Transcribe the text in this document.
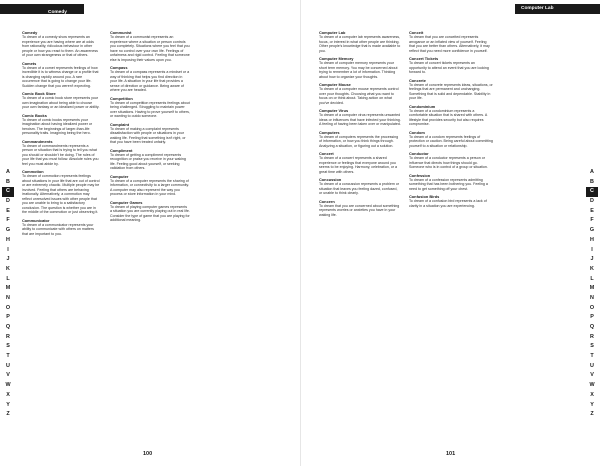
Comedy
Comedy
To dream of a comedy show represents an experience you are having where are at odds from rationality, ridiculous behaviour in other people or how you react to them. An awareness of your own strangeness or that of others.
Comets
To dream of a comet represents feelings of how incredible it is to witness change or a profile that is changing rapidly around you. A rare occurrence that is going to change your life. Sudden change that you weren't expecting.
Comic Book Store
To dream of a comic book store represents your own imagination about being able to choose your own fantasy or an idealized power or ability.
Comic Books
To dream of comic books represents your imagination about having idealized power or heroism. The beginnings of larger-than-life personality traits. Imagining being the hero.
Commandments
To dream of commandments represents a person or situation that is trying to tell you what you should or shouldn't be doing. The rules of your life that you must follow. Absolute rules you feel you must abide by.
Commotion
To dream of commotion represents feelings about situations in your life that are out of control or are extremely chaotic. Multiple people may be involved. Feeling that others are behaving irrationally. Alternatively, a commotion may reflect unresolved issues with other people that you are unable to bring to a satisfactory conclusion. The question is whether you are in the middle of the commotion or just observing it.
Communicator
To dream of a communicator represents your ability to communicate with others on matters that are important to you.
Communist
To dream of a communist represents an experience where a situation or person controls you completely. Situations where you feel that you have no control over your own life. Feelings of unfairness and rigid control. Feeling that someone else is imposing their values upon you.
Compass
To dream of a compass represents a mindset or a way of thinking that helps you find direction in your life. A situation in your life that provides a sense of direction or guidance. Being aware of where you are headed.
Competition
To dream of competition represents feelings about being challenged. Struggling to maintain power over situations. Having to prove yourself to others, or wanting to outdo someone.
Complaint
To dream of making a complaint represents dissatisfaction with people or situations in your waking life. Feeling that something isn't right, or that you have been treated unfairly.
Compliment
To dream of getting a compliment represents recognition or praise you receive in your waking life. Feeling good about yourself, or seeking validation from others.
Computer
To dream of a computer represents the sharing of information, or connectivity to a larger community. A computer may also represent the way you process or store information in your mind.
Computer Games
To dream of playing computer games represents a situation you are currently playing out in real life. Consider the type of game that you are playing for additional meaning.
A
B
C
D
E
F
G
H
I
J
K
L
M
N
O
P
Q
R
S
T
U
V
W
X
Y
Z
100
Computer Lab
Computer Lab
To dream of a computer lab represents awareness, focus, or interest in what other people are thinking. Other people's knowledge that is made available to you.
Computer Memory
To dream of computer memory represents your short term memory. You may be concerned about trying to remember a lot of information. Thinking about how to organize your thoughts.
Computer Mouse
To dream of a computer mouse represents control over your thoughts. Choosing what you want to focus on or think about. Taking action on what you've decided.
Computer Virus
To dream of a computer virus represents unwanted ideas or influences that have infected your thinking. A feeling of having been taken over or manipulated.
Computers
To dream of computers represents the processing of information, or how you think things through. Analyzing a situation, or figuring out a solution.
Concert
To dream of a concert represents a shared experience or feelings that everyone around you seems to be enjoying. Harmony, celebration, or a great time with others.
Concussion
To dream of a concussion represents a problem or situation that leaves you feeling dazed, confused, or unable to think clearly.
Concern
To dream that you are concerned about something represents worries or anxieties you have in your waking life.
Conceit
To dream that you are conceited represents arrogance or an inflated view of yourself. Feeling that you are better than others. Alternatively, it may reflect that you need more confidence in yourself.
Concert Tickets
To dream of concert tickets represents an opportunity to attend an event that you are looking forward to.
Concrete
To dream of concrete represents ideas, situations, or feelings that are permanent and unchanging. Something that is solid and dependable. Stability in your life.
Condominium
To dream of a condominium represents a comfortable situation that is shared with others. A lifestyle that provides security but also requires compromise.
Condom
To dream of a condom represents feelings of protection or caution. Being careful about committing yourself to a situation or relationship.
Conductor
To dream of a conductor represents a person or influence that directs how things should go. Someone who is in control of a group or situation.
Confession
To dream of a confession represents admitting something that has been bothering you. Feeling a need to get something off your chest.
Confusion Birds
To dream of a confusion bird represents a lack of clarity in a situation you are experiencing.
A
B
C
D
E
F
G
H
I
J
K
L
M
N
O
P
Q
R
S
T
U
V
W
X
Y
Z
101
